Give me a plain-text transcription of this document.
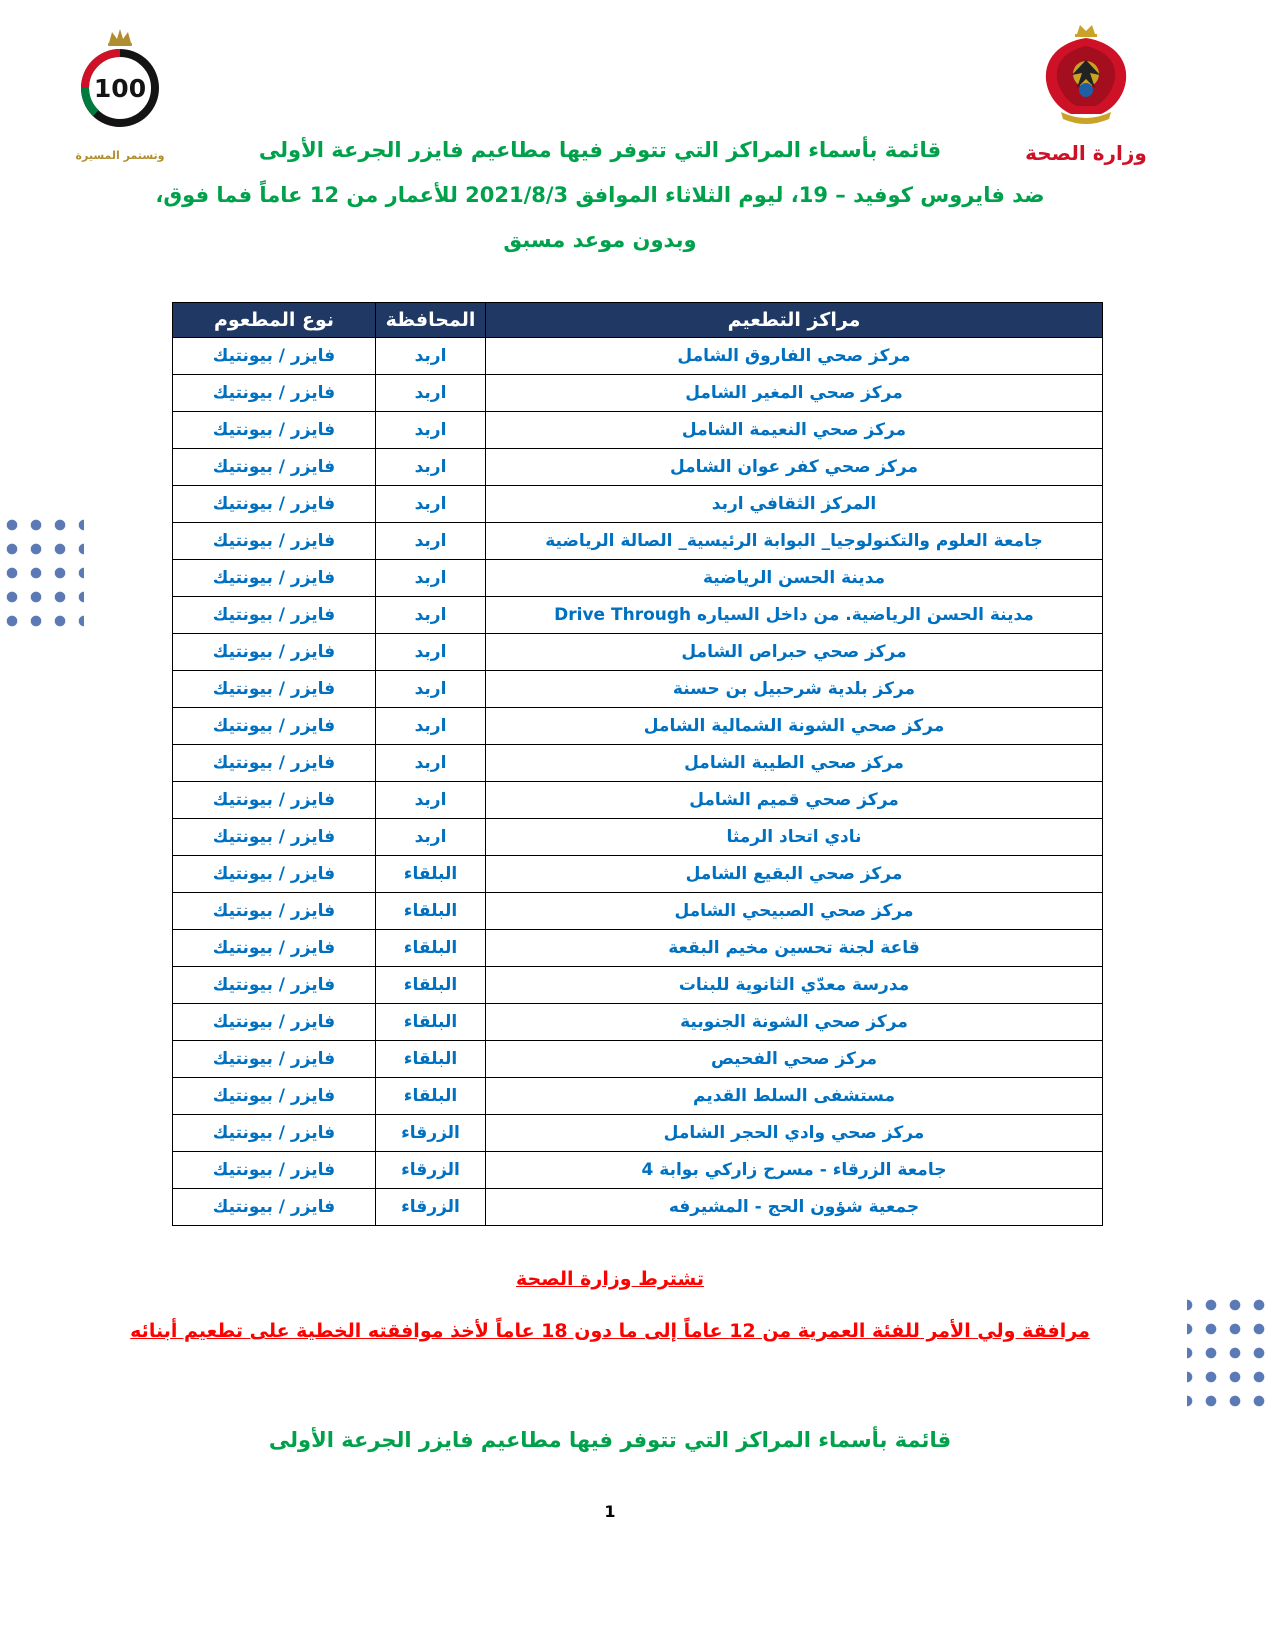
100
وتستمر المسيرة	وزارة الصحة
قائمة بأسماء المراكز التي تتوفر فيها مطاعيم فايزر الجرعة الأولى
ضد فايروس كوفيد – 19، ليوم الثلاثاء الموافق 2021/8/3 للأعمار من 12 عاماً فما فوق،
وبدون موعد مسبق
مراكز التطعيم	المحافظة	نوع المطعوم
مركز صحي الفاروق الشامل	اربد	فايزر / بيونتيك
مركز صحي المغير الشامل	اربد	فايزر / بيونتيك
مركز صحي النعيمة الشامل	اربد	فايزر / بيونتيك
مركز صحي كفر عوان الشامل	اربد	فايزر / بيونتيك
المركز الثقافي اربد	اربد	فايزر / بيونتيك
جامعة العلوم والتكنولوجيا_ البوابة الرئيسية_ الصالة الرياضية	اربد	فايزر / بيونتيك
مدينة الحسن الرياضية	اربد	فايزر / بيونتيك
مدينة الحسن الرياضية. من داخل السياره Drive Through	اربد	فايزر / بيونتيك
مركز صحي حبراص الشامل	اربد	فايزر / بيونتيك
مركز بلدية شرحبيل بن حسنة	اربد	فايزر / بيونتيك
مركز صحي الشونة الشمالية الشامل	اربد	فايزر / بيونتيك
مركز صحي الطيبة الشامل	اربد	فايزر / بيونتيك
مركز صحي قميم الشامل	اربد	فايزر / بيونتيك
نادي اتحاد الرمثا	اربد	فايزر / بيونتيك
مركز صحي البقيع الشامل	البلقاء	فايزر / بيونتيك
مركز صحي الصبيحي الشامل	البلقاء	فايزر / بيونتيك
قاعة لجنة تحسين مخيم البقعة	البلقاء	فايزر / بيونتيك
مدرسة معدّي الثانوية للبنات	البلقاء	فايزر / بيونتيك
مركز صحي الشونة الجنوبية	البلقاء	فايزر / بيونتيك
مركز صحي الفحيص	البلقاء	فايزر / بيونتيك
مستشفى السلط القديم	البلقاء	فايزر / بيونتيك
مركز صحي وادي الحجر الشامل	الزرقاء	فايزر / بيونتيك
جامعة الزرقاء - مسرح زاركي بوابة 4	الزرقاء	فايزر / بيونتيك
جمعية شؤون الحج - المشيرفه	الزرقاء	فايزر / بيونتيك
تشترط وزارة الصحة
مرافقة ولي الأمر للفئة العمرية من 12 عاماً إلى ما دون 18 عاماً لأخذ موافقته الخطية على تطعيم أبنائه
قائمة بأسماء المراكز التي تتوفر فيها مطاعيم فايزر الجرعة الأولى
1
